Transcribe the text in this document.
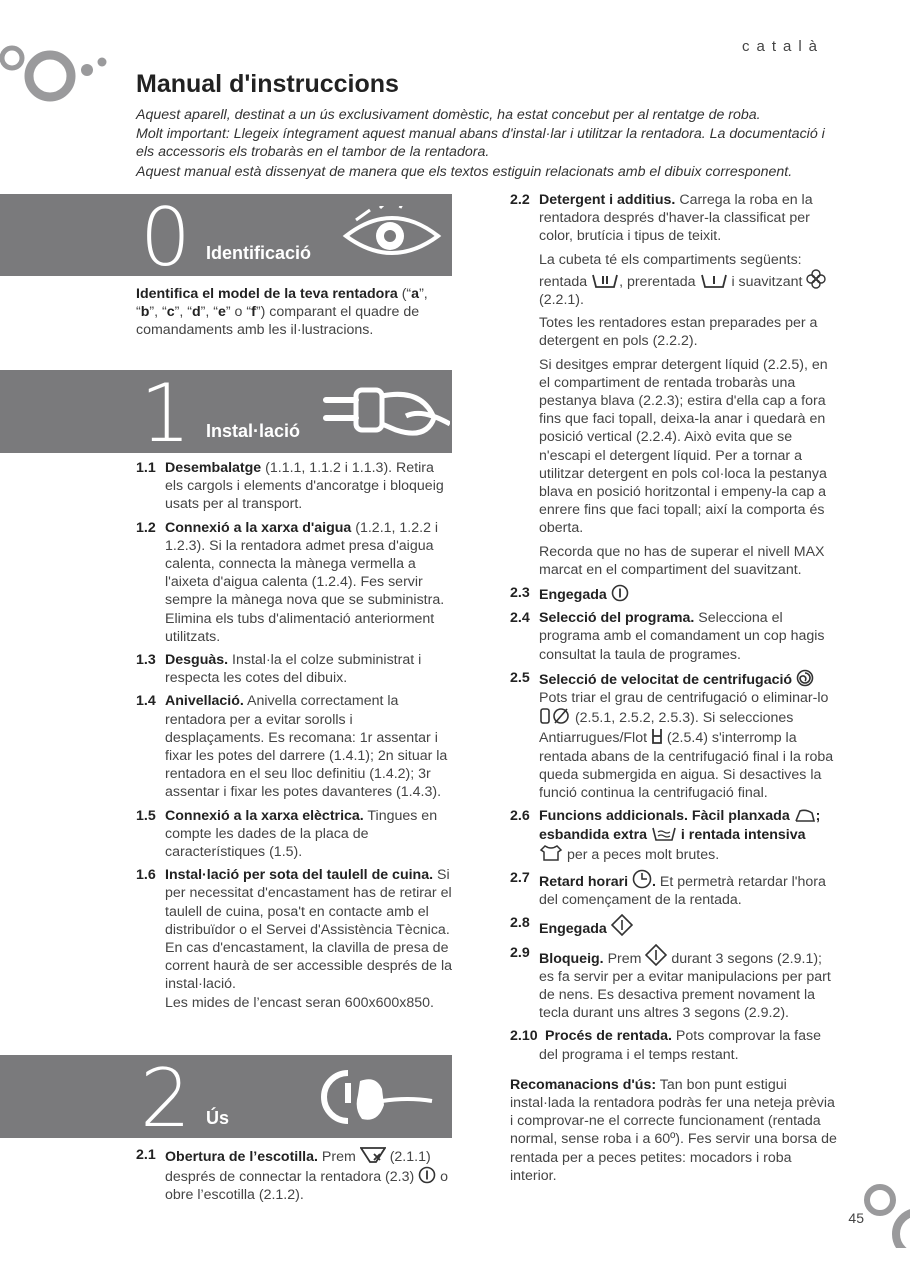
català
Manual d'instruccions

Aquest aparell, destinat a un ús exclusivament domèstic, ha estat concebut per al rentatge de roba.

Molt important: Llegeix íntegrament aquest manual abans d'instal·lar i utilitzar la rentadora. La documentació i els accessoris els trobaràs en el tambor de la rentadora.

Aquest manual està dissenyat de manera que els textos estiguin relacionats amb el dibuix corresponent.

0 Identificació
Identifica el model de la teva rentadora (“a”, “b”, “c”, “d”, “e” o “f”) comparant el quadre de comandaments amb les il·lustracions.
1 Instal·lació
1.1 Desembalatge (1.1.1, 1.1.2 i 1.1.3). Retira els cargols i elements d'ancoratge i bloqueig usats per al transport.
1.2 Connexió a la xarxa d'aigua (1.2.1, 1.2.2 i 1.2.3). Si la rentadora admet presa d'aigua calenta, connecta la mànega vermella a l'aixeta d'aigua calenta (1.2.4). Fes servir sempre la mànega nova que se subministra. Elimina els tubs d'alimentació anteriorment utilitzats.
1.3 Desguàs. Instal·la el colze subministrat i respecta les cotes del dibuix.
1.4 Anivellació. Anivella correctament la rentadora per a evitar sorolls i desplaçaments. Es recomana: 1r assentar i fixar les potes del darrere (1.4.1); 2n situar la rentadora en el seu lloc definitiu (1.4.2); 3r assentar i fixar les potes davanteres (1.4.3).
1.5 Connexió a la xarxa elèctrica. Tingues en compte les dades de la placa de característiques (1.5).
1.6 Instal·lació per sota del taulell de cuina. Si per necessitat d'encastament has de retirar el taulell de cuina, posa't en contacte amb el distribuïdor o el Servei d'Assistència Tècnica. En cas d'encastament, la clavilla de presa de corrent haurà de ser accessible després de la instal·lació.
Les mides de l’encast seran 600x600x850.
2 Ús
2.1 Obertura de l’escotilla. Prem  (2.1.1) després de connectar la rentadora (2.3)  o obre l’escotilla (2.1.2).
2.2 Detergent i additius. Carrega la roba en la rentadora després d'haver-la classificat per color, brutícia i tipus de teixit.

La cubeta té els compartiments següents: rentada , prerentada  i suavitzant  (2.2.1).

Totes les rentadores estan preparades per a detergent en pols (2.2.2).

Si desitges emprar detergent líquid (2.2.5), en el compartiment de rentada trobaràs una pestanya blava (2.2.3); estira d'ella cap a fora fins que faci topall, deixa-la anar i quedarà en posició vertical (2.2.4). Això evita que se n'escapi el detergent líquid. Per a tornar a utilitzar detergent en pols col·loca la pestanya blava en posició horitzontal i empeny-la cap a enrere fins que faci topall; així la comporta és oberta.

Recorda que no has de superar el nivell MAX marcat en el compartiment del suavitzant.

2.3 Engegada
2.4 Selecció del programa. Selecciona el programa amb el comandament un cop hagis consultat la taula de programes.
2.5 Selecció de velocitat de centrifugació
Pots triar el grau de centrifugació o eliminar-lo  (2.5.1, 2.5.2, 2.5.3). Si selecciones Antiarrugues/Flot  (2.5.4) s'interromp la rentada abans de la centrifugació final i la roba queda submergida en aigua. Si desactives la funció continua la centrifugació final.
2.6 Funcions addicionals. Fàcil planxada ; esbandida extra  i rentada intensiva
per a peces molt brutes.
2.7 Retard horari . Et permetrà retardar l'hora del començament de la rentada.
2.8 Engegada
2.9 Bloqueig. Prem  durant 3 segons (2.9.1); es fa servir per a evitar manipulacions per part de nens. Es desactiva prement novament la tecla durant uns altres 3 segons (2.9.2).
2.10 Procés de rentada. Pots comprovar la fase del programa i el temps restant.

Recomanacions d'ús: Tan bon punt estigui instal·lada la rentadora podràs fer una neteja prèvia i comprovar-ne el correcte funcionament (rentada normal, sense roba i a 60º). Fes servir una borsa de rentada per a peces petites: mocadors i roba interior.

45
